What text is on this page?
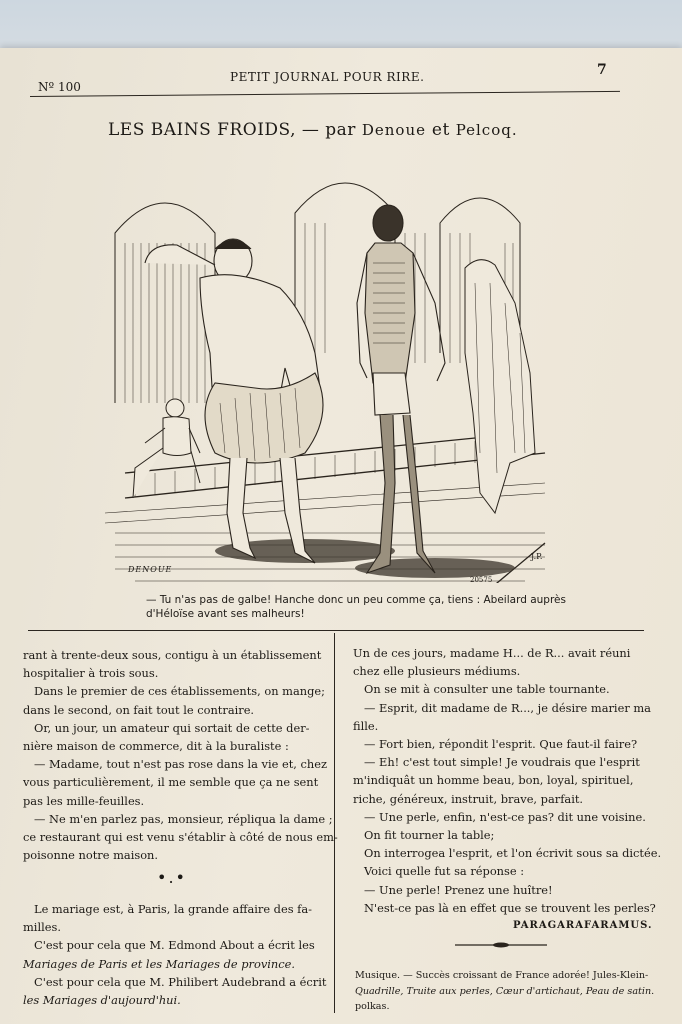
Nº 100
PETIT JOURNAL POUR RIRE.	7
LES BAINS FROIDS, — par Denoue et Pelcoq.
DENOUE
J.P.
20575
— Tu n'as pas de galbe! Hanche donc un peu comme ça, tiens : Abeilard auprès
d'Héloïse avant ses malheurs!
rant à trente-deux sous, contigu à un établissement
hospitalier à trois sous.
Dans le premier de ces établissements, on mange;
dans le second, on fait tout le contraire.
Or, un jour, un amateur qui sortait de cette der-
nière maison de commerce, dit à la buraliste :
— Madame, tout n'est pas rose dans la vie et, chez
vous particulièrement, il me semble que ça ne sent
pas les mille-feuilles.
— Ne m'en parlez pas, monsieur, répliqua la dame ;
ce restaurant qui est venu s'établir à côté de nous em-
poisonne notre maison.
•.•
Le mariage est, à Paris, la grande affaire des fa-
milles.
C'est pour cela que M. Edmond About a écrit les
Mariages de Paris et les Mariages de province.
C'est pour cela que M. Philibert Audebrand a écrit
les Mariages d'aujourd'hui.
Un de ces jours, madame H... de R... avait réuni
chez elle plusieurs médiums.
On se mit à consulter une table tournante.
— Esprit, dit madame de R..., je désire marier ma
fille.
— Fort bien, répondit l'esprit. Que faut-il faire?
— Eh! c'est tout simple! Je voudrais que l'esprit
m'indiquât un homme beau, bon, loyal, spirituel,
riche, généreux, instruit, brave, parfait.
— Une perle, enfin, n'est-ce pas? dit une voisine.
On fit tourner la table;
On interrogea l'esprit, et l'on écrivit sous sa dictée.
Voici quelle fut sa réponse :
— Une perle! Prenez une huître!
N'est-ce pas là en effet que se trouvent les perles?
PARAGARAFARAMUS.
Musique. — Succès croissant de France adorée! Jules-Klein-
Quadrille, Truite aux perles, Cœur d'artichaut, Peau de satin.
polkas.
